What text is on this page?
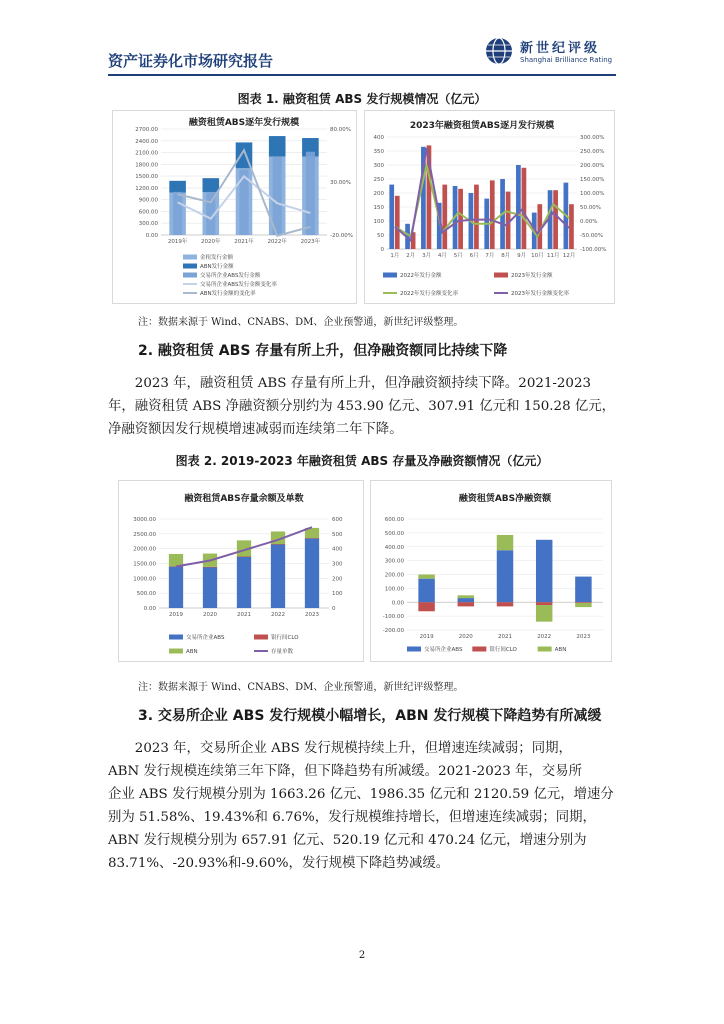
资产证券化市场研究报告
新世纪评级
Shanghai Brilliance Rating
图表 1. 融资租赁 ABS 发行规模情况（亿元）
融资租赁ABS逐年发行规模
0.00
300.00
600.00
900.00
1200.00
1500.00
1800.00
2100.00
2400.00
2700.00
-20.00%
30.00%
80.00%
2019年 2020年 2021年 2022年 2023年
金租发行金额
ABN发行金额
交易所企业ABS发行金额
交易所企业ABS发行金额变化率
ABN发行金额的变化率
2023年融资租赁ABS逐月发行规模
0
50
100
150
200
250
300
350
400
-100.00%
-50.00%
0.00%
50.00%
100.00%
150.00%
200.00%
250.00%
300.00%
1月 2月 3月 4月 5月 6月 7月 8月 9月 10月 11月 12月
2022年发行金额	2023年发行金额
2022年发行金额变化率	2023年发行金额变化率
注：数据来源于 Wind、CNABS、DM、企业预警通，新世纪评级整理。
2. 融资租赁 ABS 存量有所上升，但净融资额同比持续下降
2023 年，融资租赁 ABS 存量有所上升，但净融资额持续下降。2021-2023
年，融资租赁 ABS 净融资额分别约为 453.90 亿元、307.91 亿元和 150.28 亿元，
净融资额因发行规模增速减弱而连续第二年下降。
图表 2. 2019-2023 年融资租赁 ABS 存量及净融资额情况（亿元）
融资租赁ABS存量余额及单数
0.00
500.00
1000.00
1500.00
2000.00
2500.00
3000.00
0
100
200
300
400
500
600
2019	2020	2021	2022	2023
交易所企业ABS	银行间CLO
ABN	存量单数
融资租赁ABS净融资额
-200.00
-100.00
0.00
100.00
200.00
300.00
400.00
500.00
600.00
2019	2020	2021	2022	2023
交易所企业ABS	银行间CLO	ABN
注：数据来源于 Wind、CNABS、DM、企业预警通，新世纪评级整理。
3. 交易所企业 ABS 发行规模小幅增长，ABN 发行规模下降趋势有所减缓
2023 年，交易所企业 ABS 发行规模持续上升，但增速连续减弱；同期，
ABN 发行规模连续第三年下降，但下降趋势有所减缓。2021-2023 年，交易所
企业 ABS 发行规模分别为 1663.26 亿元、1986.35 亿元和 2120.59 亿元，增速分
别为 51.58%、19.43%和 6.76%，发行规模维持增长，但增速连续减弱；同期，
ABN 发行规模分别为 657.91 亿元、520.19 亿元和 470.24 亿元，增速分别为
83.71%、-20.93%和-9.60%，发行规模下降趋势减缓。
2
